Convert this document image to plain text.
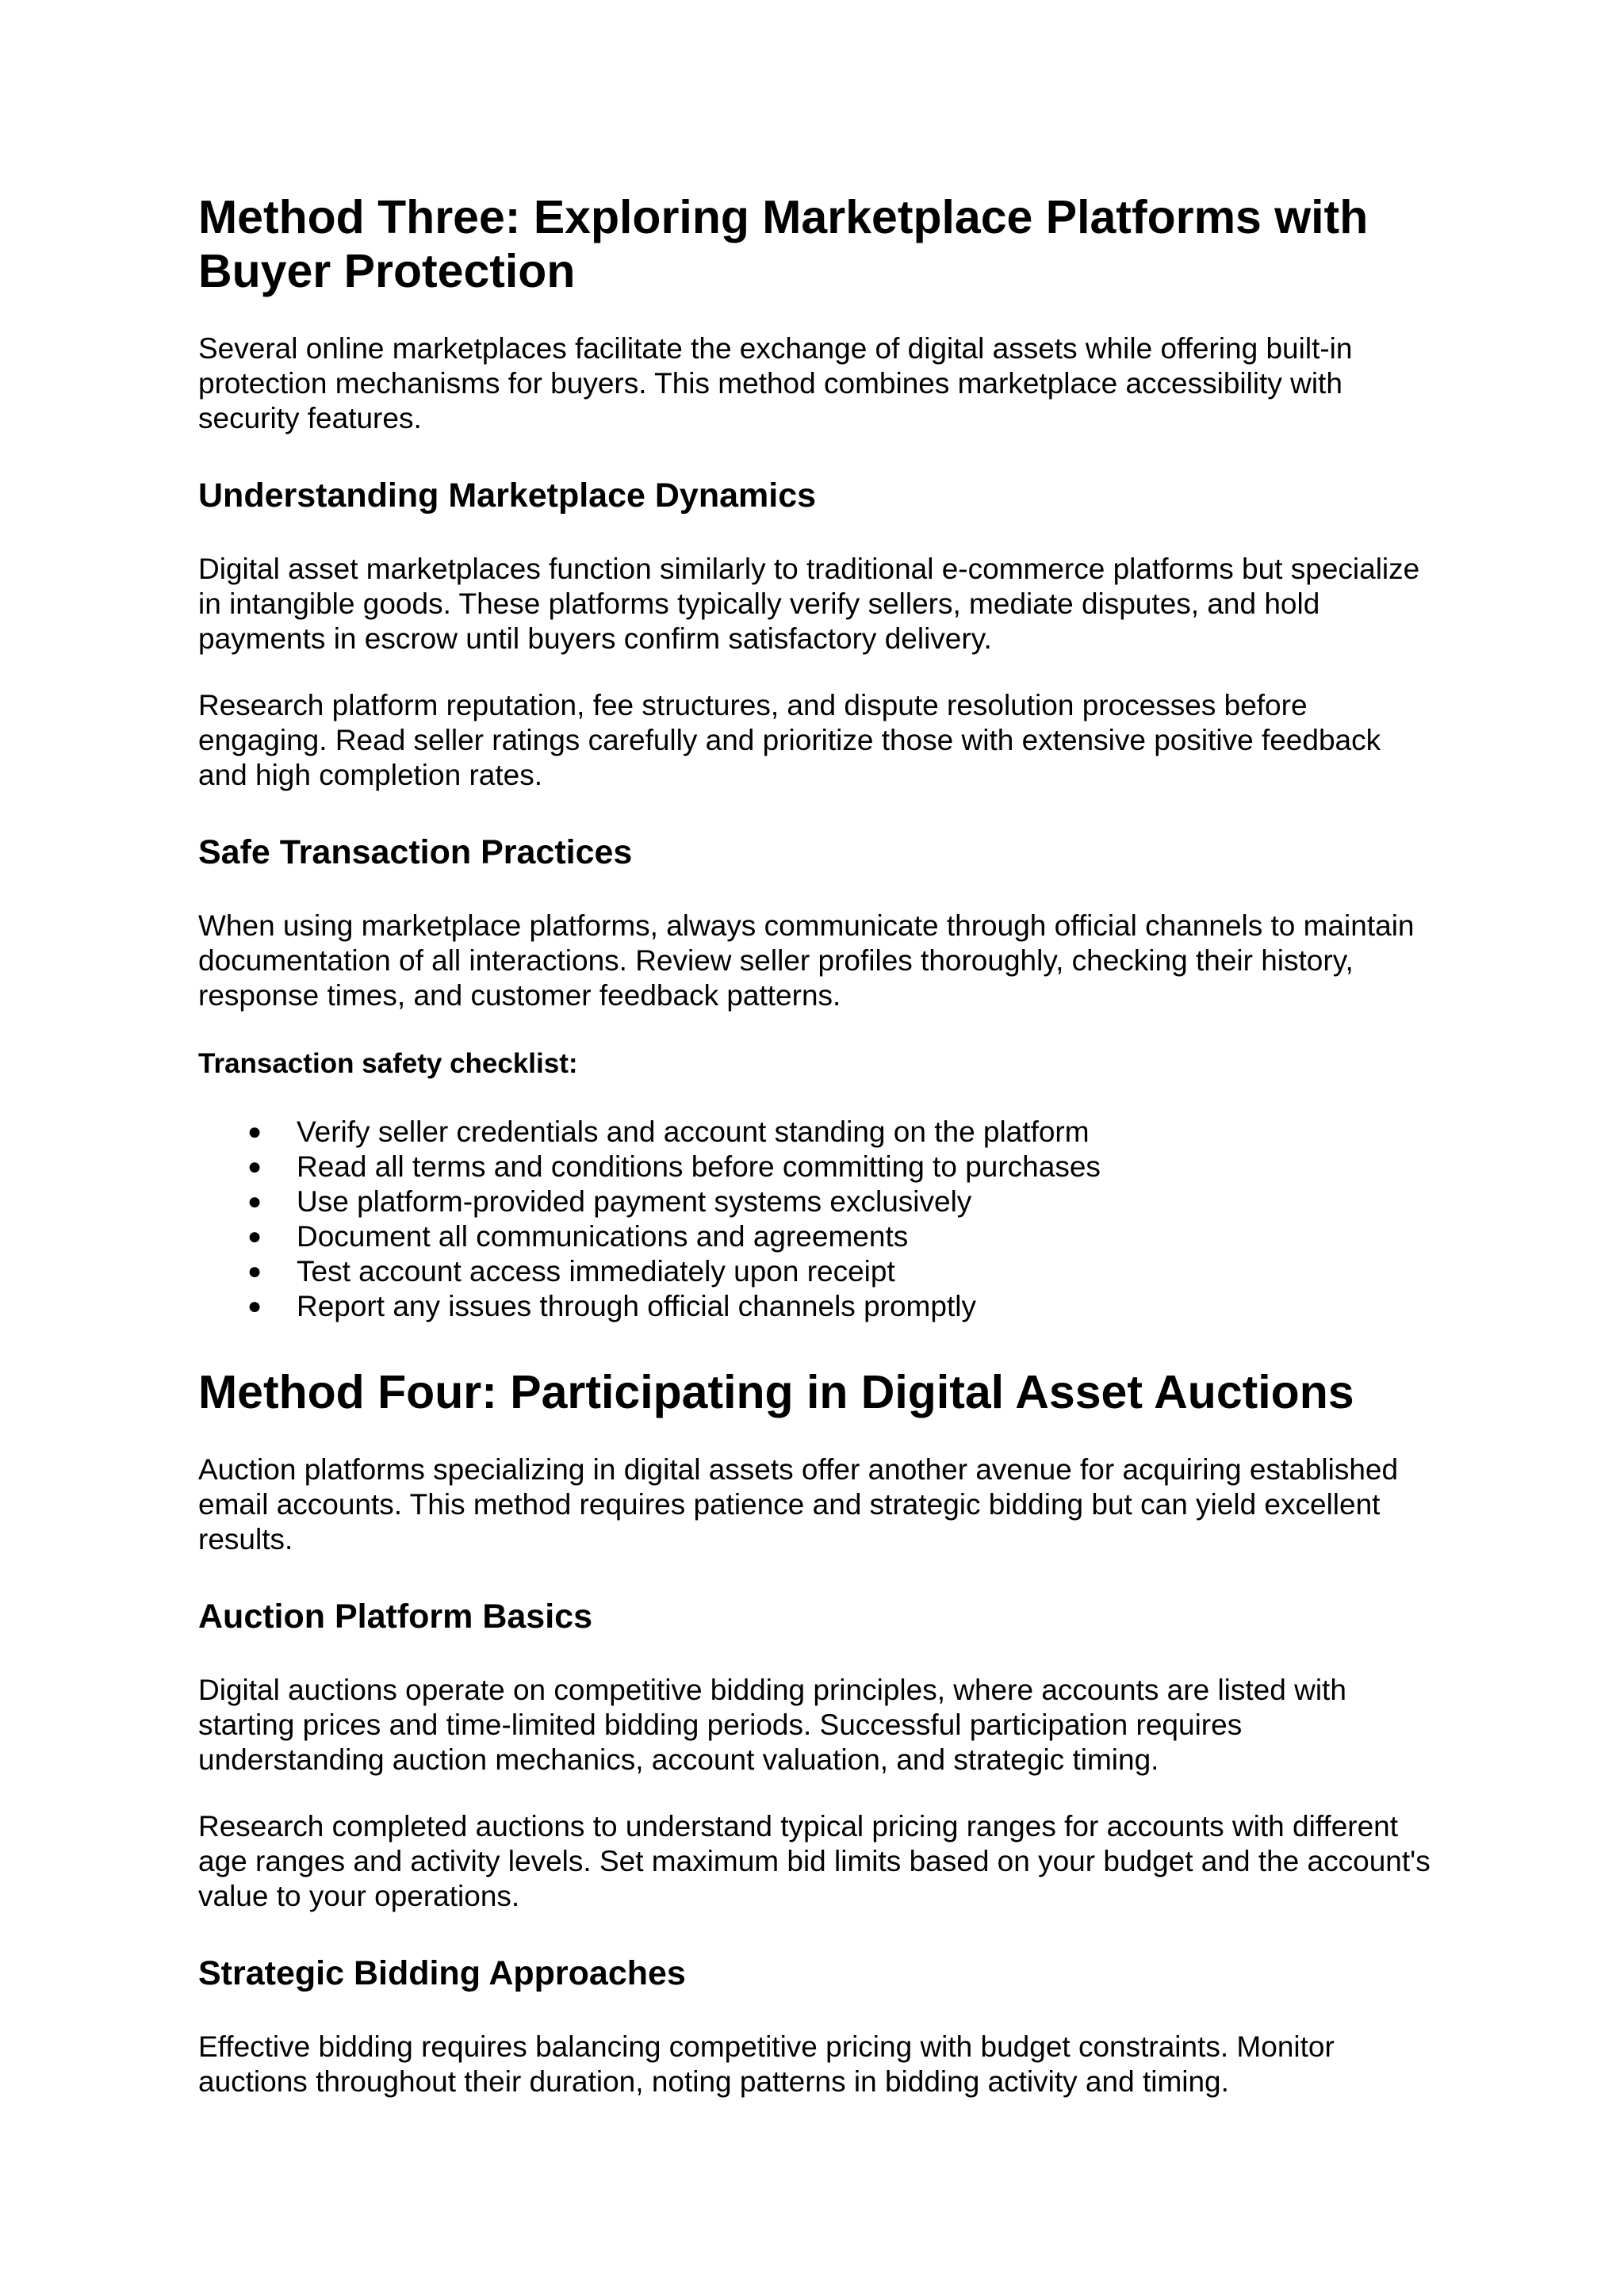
Method Three: Exploring Marketplace Platforms with Buyer Protection

Several online marketplaces facilitate the exchange of digital assets while offering built-in protection mechanisms for buyers. This method combines marketplace accessibility with security features.

Understanding Marketplace Dynamics

Digital asset marketplaces function similarly to traditional e-commerce platforms but specialize in intangible goods. These platforms typically verify sellers, mediate disputes, and hold payments in escrow until buyers confirm satisfactory delivery.

Research platform reputation, fee structures, and dispute resolution processes before engaging. Read seller ratings carefully and prioritize those with extensive positive feedback and high completion rates.

Safe Transaction Practices

When using marketplace platforms, always communicate through official channels to maintain documentation of all interactions. Review seller profiles thoroughly, checking their history, response times, and customer feedback patterns.

Transaction safety checklist:

● Verify seller credentials and account standing on the platform
● Read all terms and conditions before committing to purchases
● Use platform-provided payment systems exclusively
● Document all communications and agreements
● Test account access immediately upon receipt
● Report any issues through official channels promptly
Method Four: Participating in Digital Asset Auctions

Auction platforms specializing in digital assets offer another avenue for acquiring established email accounts. This method requires patience and strategic bidding but can yield excellent results.

Auction Platform Basics

Digital auctions operate on competitive bidding principles, where accounts are listed with starting prices and time-limited bidding periods. Successful participation requires understanding auction mechanics, account valuation, and strategic timing.

Research completed auctions to understand typical pricing ranges for accounts with different age ranges and activity levels. Set maximum bid limits based on your budget and the account's value to your operations.

Strategic Bidding Approaches

Effective bidding requires balancing competitive pricing with budget constraints. Monitor auctions throughout their duration, noting patterns in bidding activity and timing.
